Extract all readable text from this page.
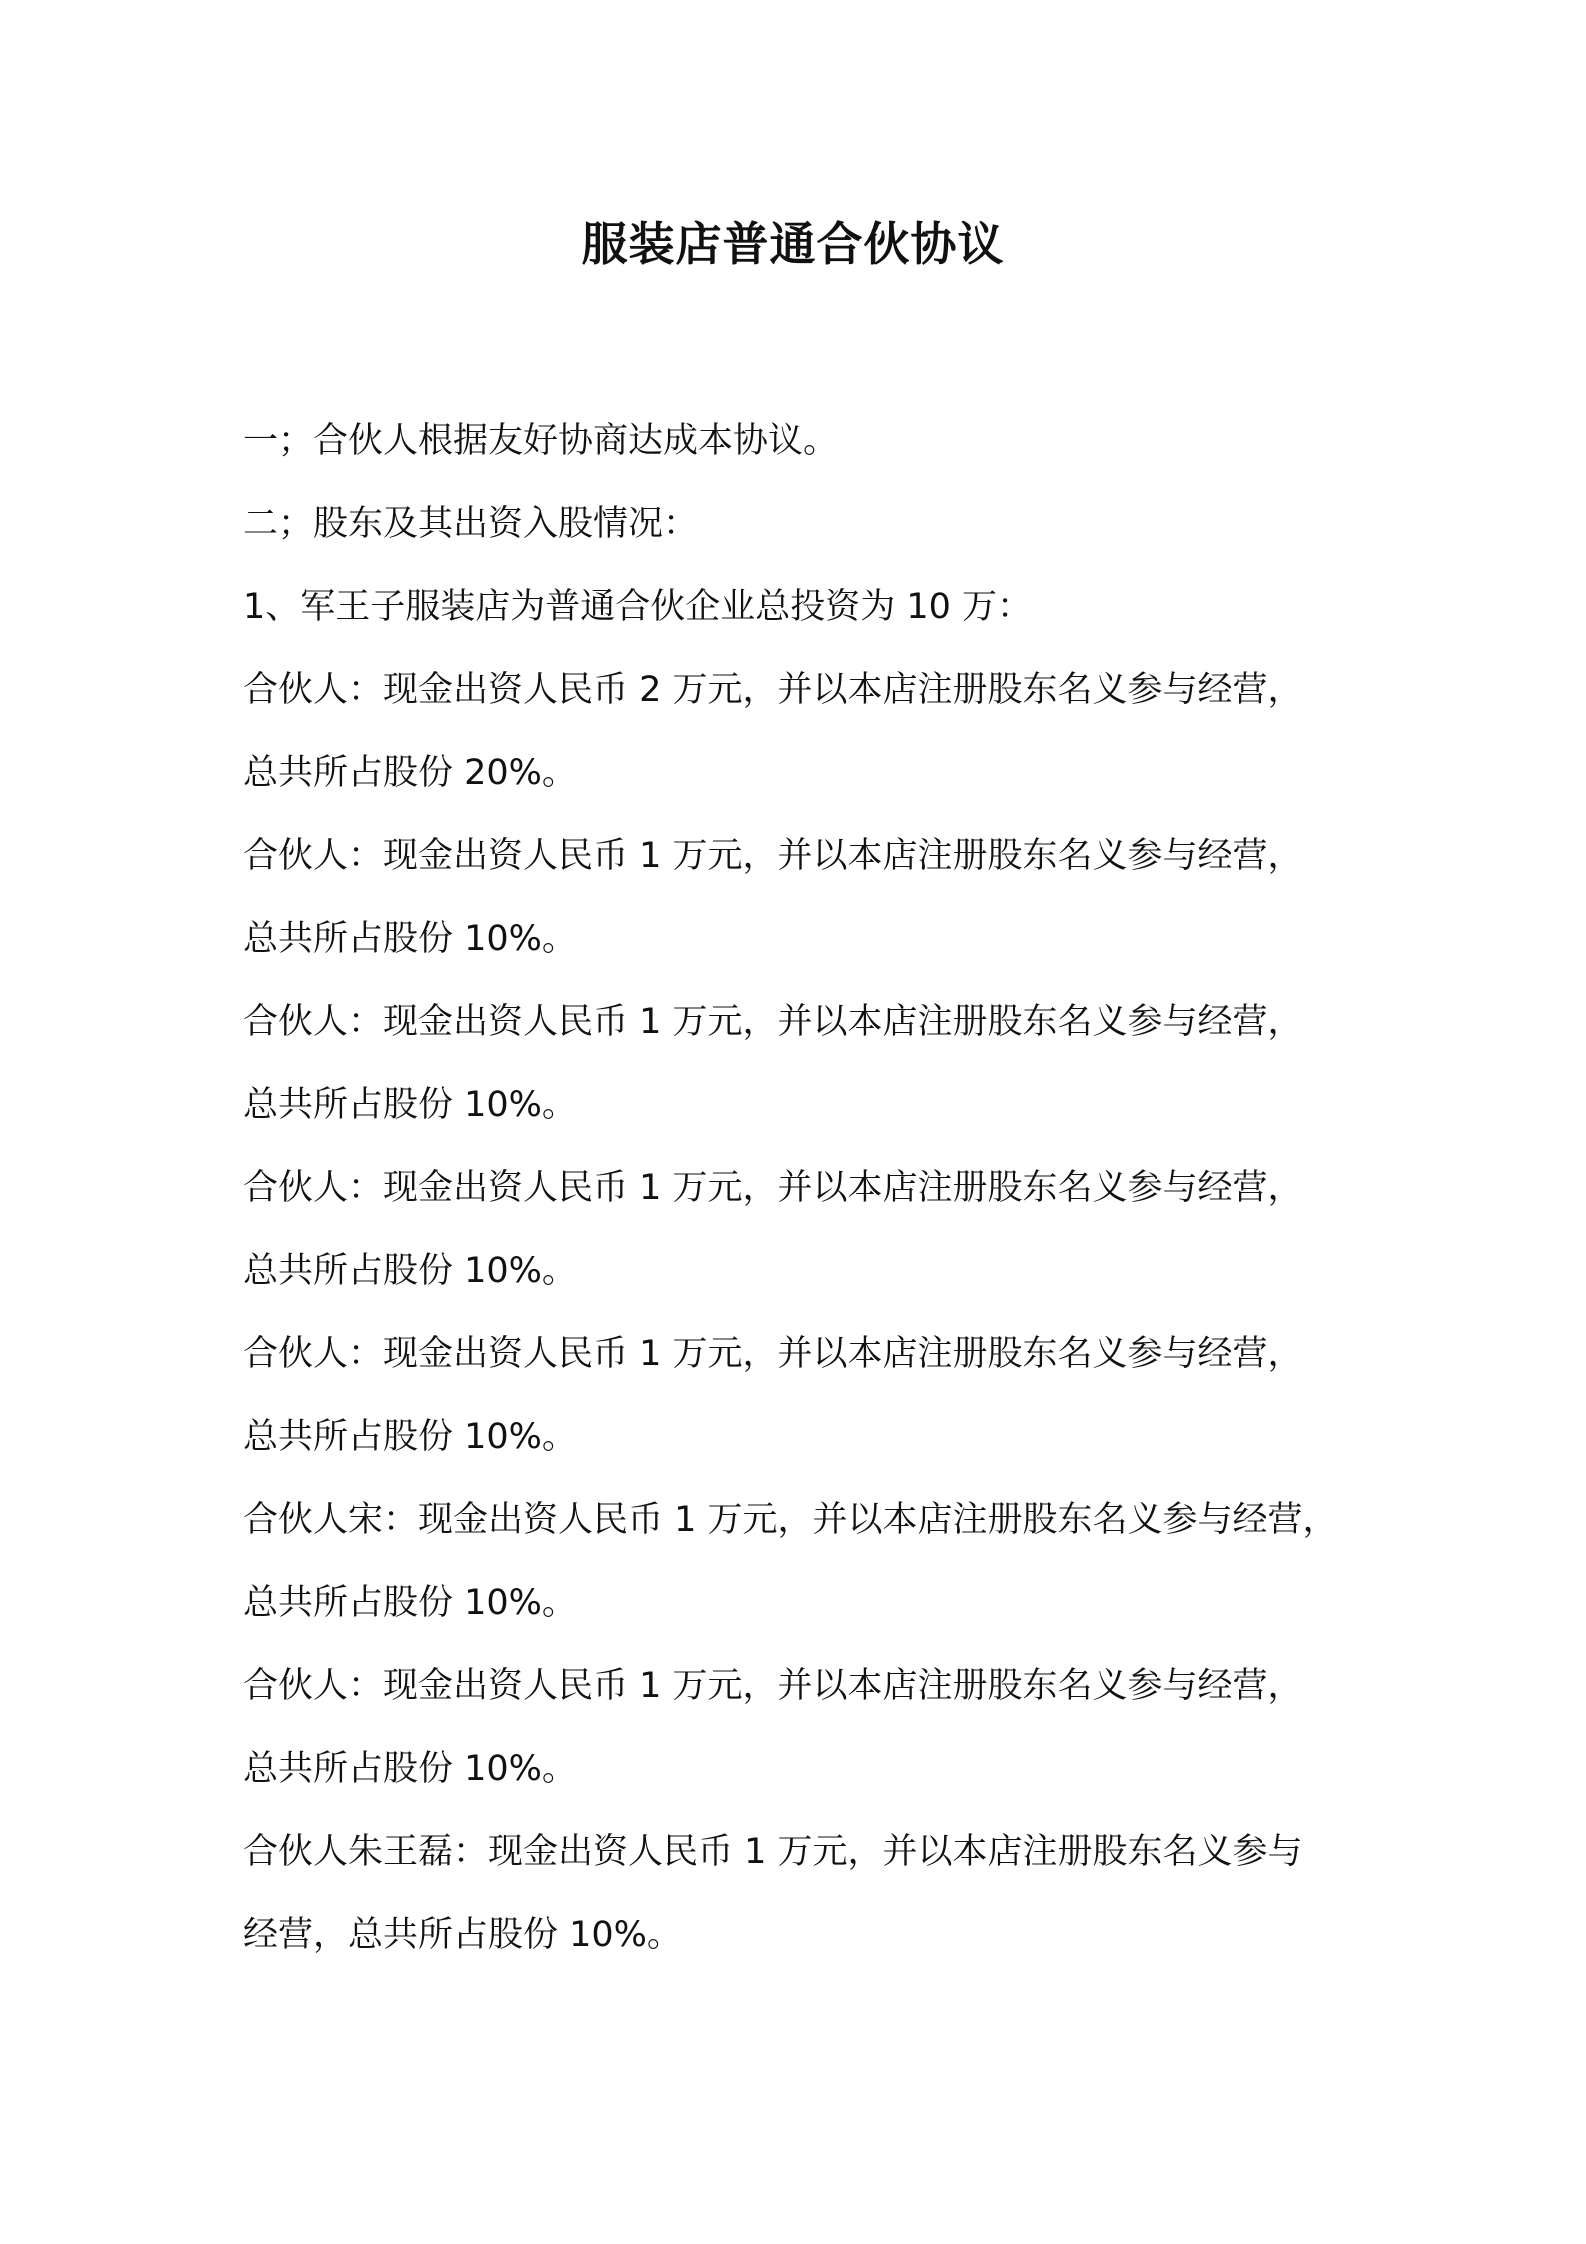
服装店普通合伙协议

一；合伙人根据友好协商达成本协议。

二；股东及其出资入股情况：

1、军王子服装店为普通合伙企业总投资为 10 万：

合伙人：现金出资人民币 2 万元，并以本店注册股东名义参与经营，

总共所占股份 20%。

合伙人：现金出资人民币 1 万元，并以本店注册股东名义参与经营，

总共所占股份 10%。

合伙人：现金出资人民币 1 万元，并以本店注册股东名义参与经营，

总共所占股份 10%。

合伙人：现金出资人民币 1 万元，并以本店注册股东名义参与经营，

总共所占股份 10%。

合伙人：现金出资人民币 1 万元，并以本店注册股东名义参与经营，

总共所占股份 10%。

合伙人宋：现金出资人民币 1 万元，并以本店注册股东名义参与经营，

总共所占股份 10%。

合伙人：现金出资人民币 1 万元，并以本店注册股东名义参与经营，

总共所占股份 10%。

合伙人朱王磊：现金出资人民币 1 万元，并以本店注册股东名义参与

经营，总共所占股份 10%。
